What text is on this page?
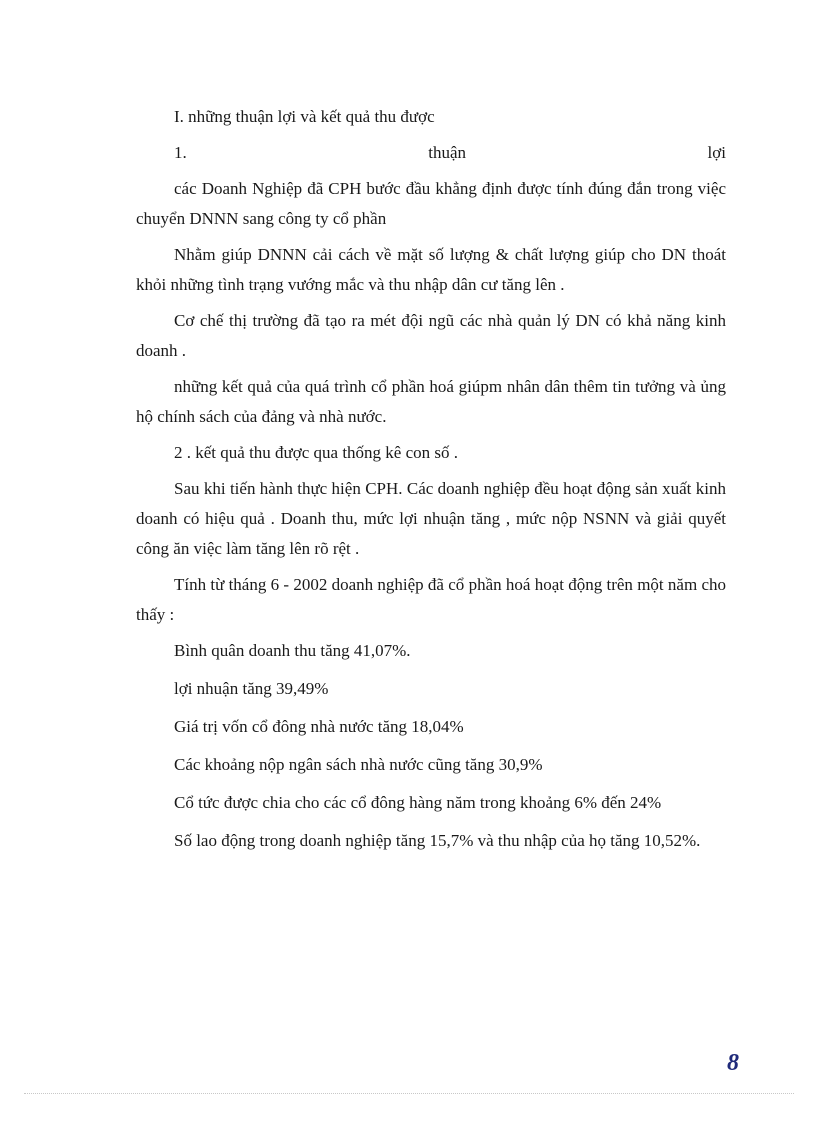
I. những thuận lợi và kết quả thu được

1. thuận lợi

các Doanh Nghiệp đã CPH bước đầu khẳng định được tính đúng đắn trong việc chuyển DNNN sang công ty cổ phần

Nhằm giúp DNNN cải cách về mặt số lượng & chất lượng giúp cho DN thoát khỏi những tình trạng vướng mắc và thu nhập dân cư tăng lên .

Cơ chế thị trường đã tạo ra mét đội ngũ các nhà quản lý DN có khả năng kinh doanh .

những kết quả của quá trình cổ phần hoá giúpm nhân dân thêm tin tưởng và ủng hộ chính sách của đảng và nhà nước.

2 . kết quả thu được qua thống kê con số .

Sau khi tiến hành thực hiện CPH. Các doanh nghiệp đều hoạt động sản xuất kinh doanh có hiệu quả . Doanh thu, mức lợi nhuận tăng , mức nộp NSNN và giải quyết công ăn việc làm tăng lên rõ rệt .

Tính từ tháng 6 - 2002 doanh nghiệp đã cổ phần hoá hoạt động trên một năm cho thấy :

Bình quân doanh thu tăng 41,07%.

lợi nhuận tăng 39,49%

Giá trị vốn cổ đông nhà nước tăng 18,04%

Các khoảng nộp ngân sách nhà nước cũng tăng 30,9%

Cổ tức được chia cho các cổ đông hàng năm trong khoảng 6% đến 24%

Số lao động trong doanh nghiệp tăng 15,7% và thu nhập của họ tăng 10,52%.

8
